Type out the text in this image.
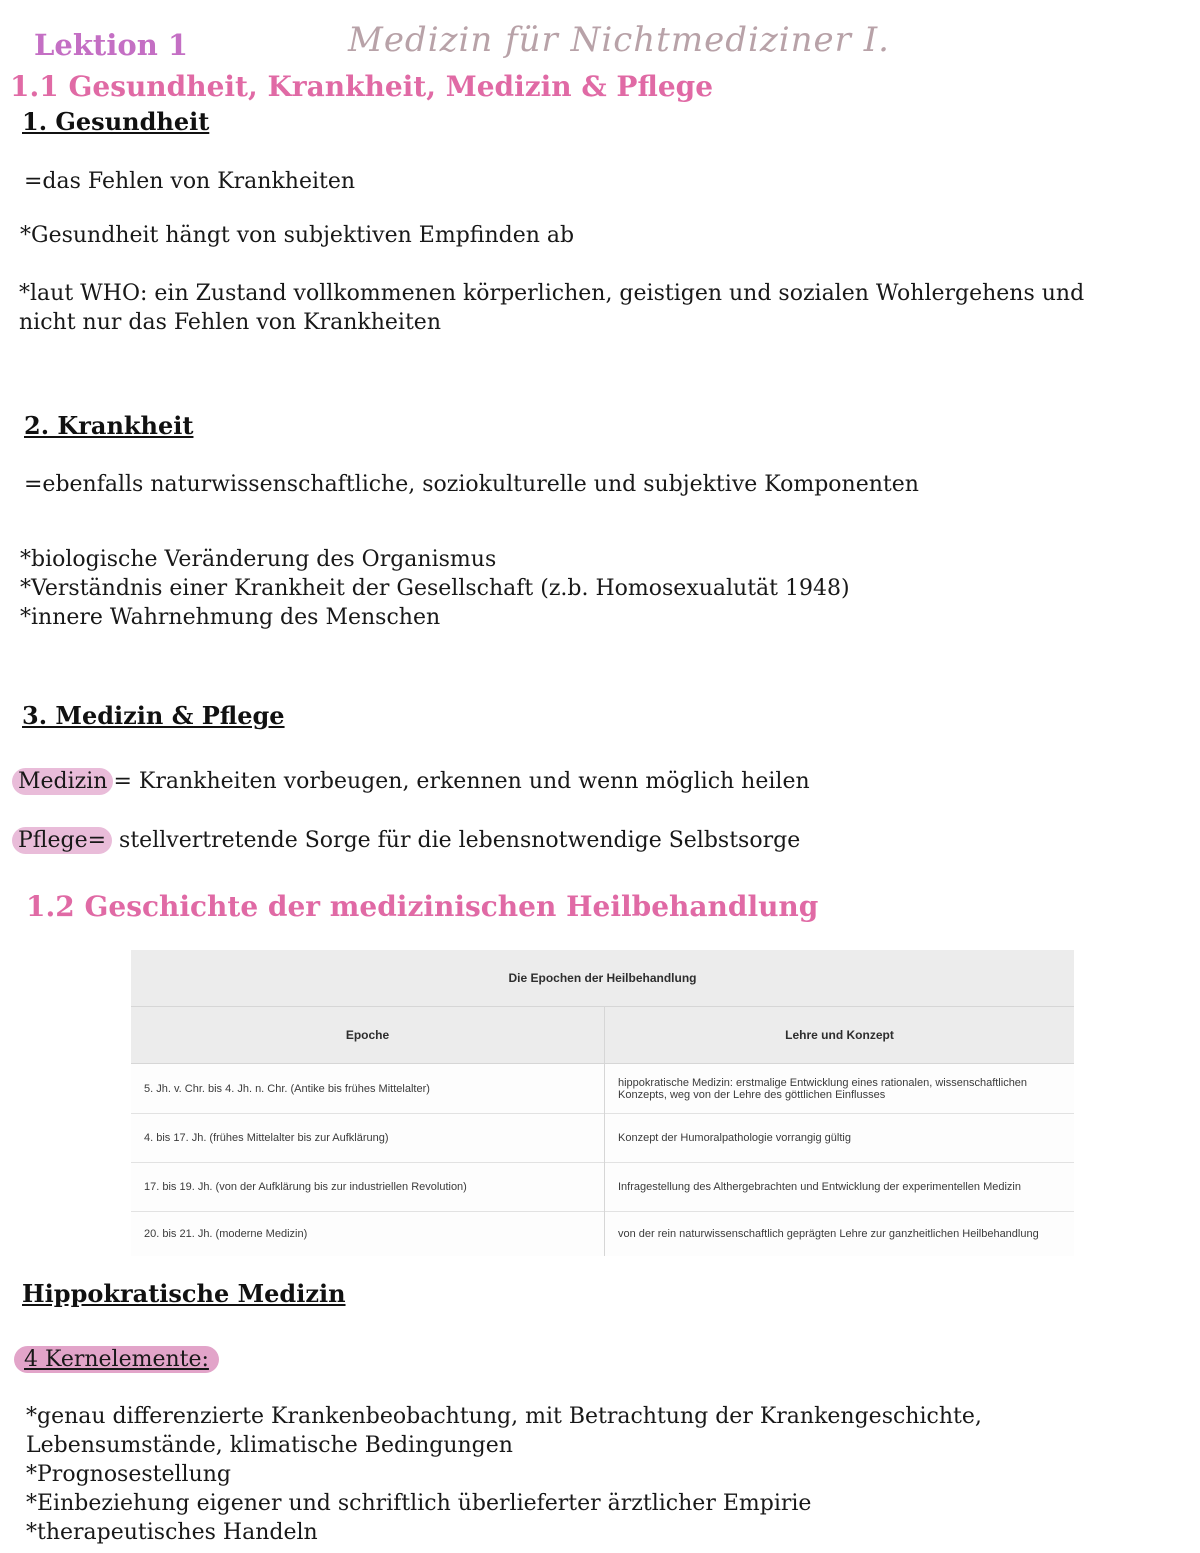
Lektion 1	Medizin für Nichtmediziner I.
1.1 Gesundheit, Krankheit, Medizin & Pflege
1. Gesundheit
=das Fehlen von Krankheiten
*Gesundheit hängt von subjektiven Empfinden ab
*laut WHO: ein Zustand vollkommenen körperlichen, geistigen und sozialen Wohlergehens und nicht nur das Fehlen von Krankheiten
2. Krankheit
=ebenfalls naturwissenschaftliche, soziokulturelle und subjektive Komponenten
*biologische Veränderung des Organismus
*Verständnis einer Krankheit der Gesellschaft (z.b. Homosexualutät 1948)
*innere Wahrnehmung des Menschen
3. Medizin & Pflege
Medizin = Krankheiten vorbeugen, erkennen und wenn möglich heilen
Pflege= stellvertretende Sorge für die lebensnotwendige Selbstsorge
1.2 Geschichte der medizinischen Heilbehandlung
Die Epochen der Heilbehandlung
Epoche	Lehre und Konzept
5. Jh. v. Chr. bis 4. Jh. n. Chr. (Antike bis frühes Mittelalter)	hippokratische Medizin: erstmalige Entwicklung eines rationalen, wissenschaftlichen Konzepts, weg von der Lehre des göttlichen Einflusses
4. bis 17. Jh. (frühes Mittelalter bis zur Aufklärung)	Konzept der Humoralpathologie vorrangig gültig
17. bis 19. Jh. (von der Aufklärung bis zur industriellen Revolution)	Infragestellung des Althergebrachten und Entwicklung der experimentellen Medizin
20. bis 21. Jh. (moderne Medizin)	von der rein naturwissenschaftlich geprägten Lehre zur ganzheitlichen Heilbehandlung
Hippokratische Medizin
4 Kernelemente:
*genau differenzierte Krankenbeobachtung, mit Betrachtung der Krankengeschichte, Lebensumstände, klimatische Bedingungen
*Prognosestellung
*Einbeziehung eigener und schriftlich überlieferter ärztlicher Empirie
*therapeutisches Handeln
